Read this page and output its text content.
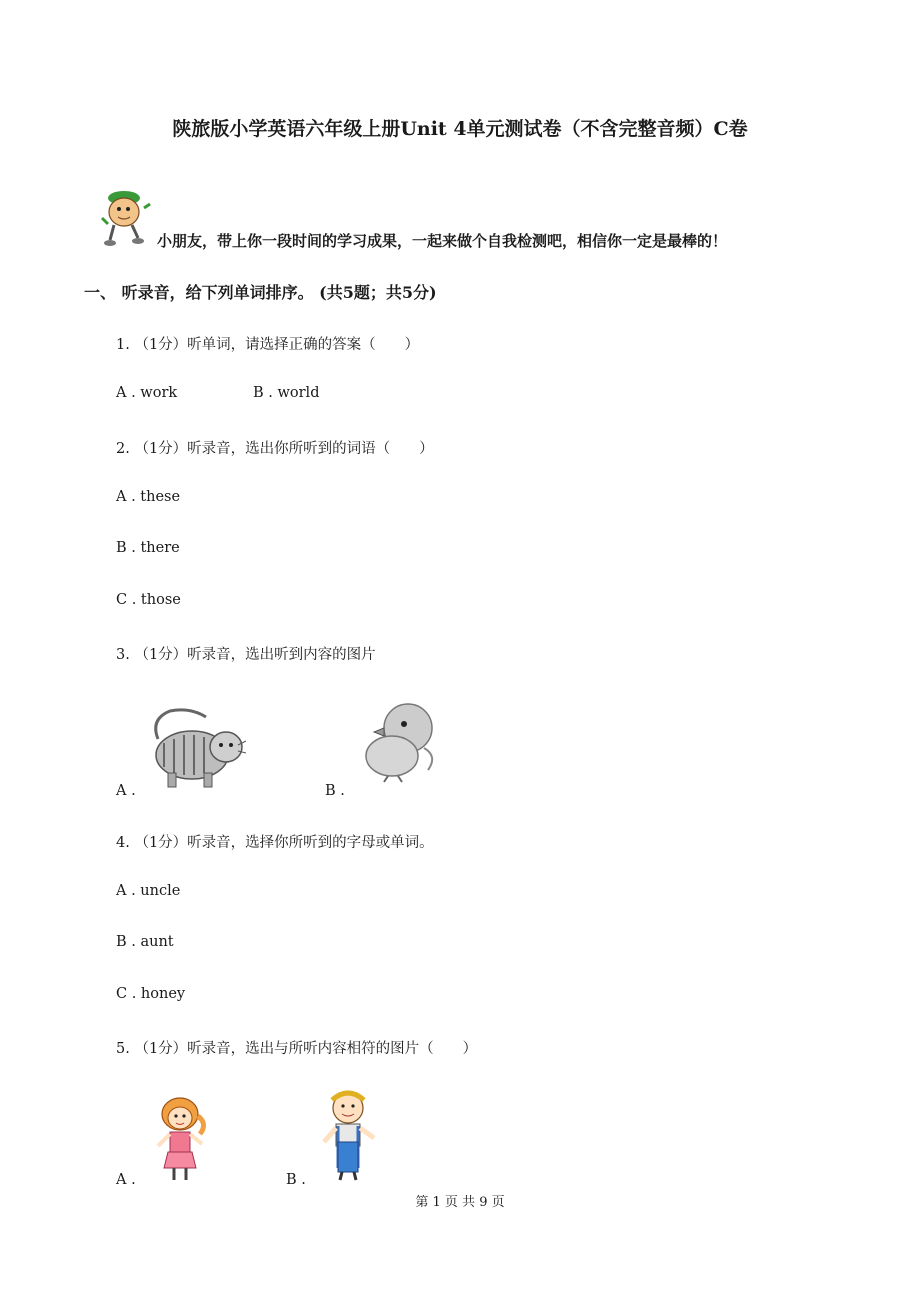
陕旅版小学英语六年级上册Unit 4单元测试卷（不含完整音频）C卷
小朋友，带上你一段时间的学习成果，一起来做个自我检测吧，相信你一定是最棒的！
一、 听录音，给下列单词排序。 (共5题；共5分)
1. （1分）听单词，请选择正确的答案（　　）
A . work	B . world
2. （1分）听录音，选出你所听到的词语（　　）
A . these
B . there
C . those
3. （1分）听录音，选出听到内容的图片
A .	B .
4. （1分）听录音，选择你所听到的字母或单词。
A . uncle
B . aunt
C . honey
5. （1分）听录音，选出与所听内容相符的图片（　　）
A .	B .
第 1 页 共 9 页
